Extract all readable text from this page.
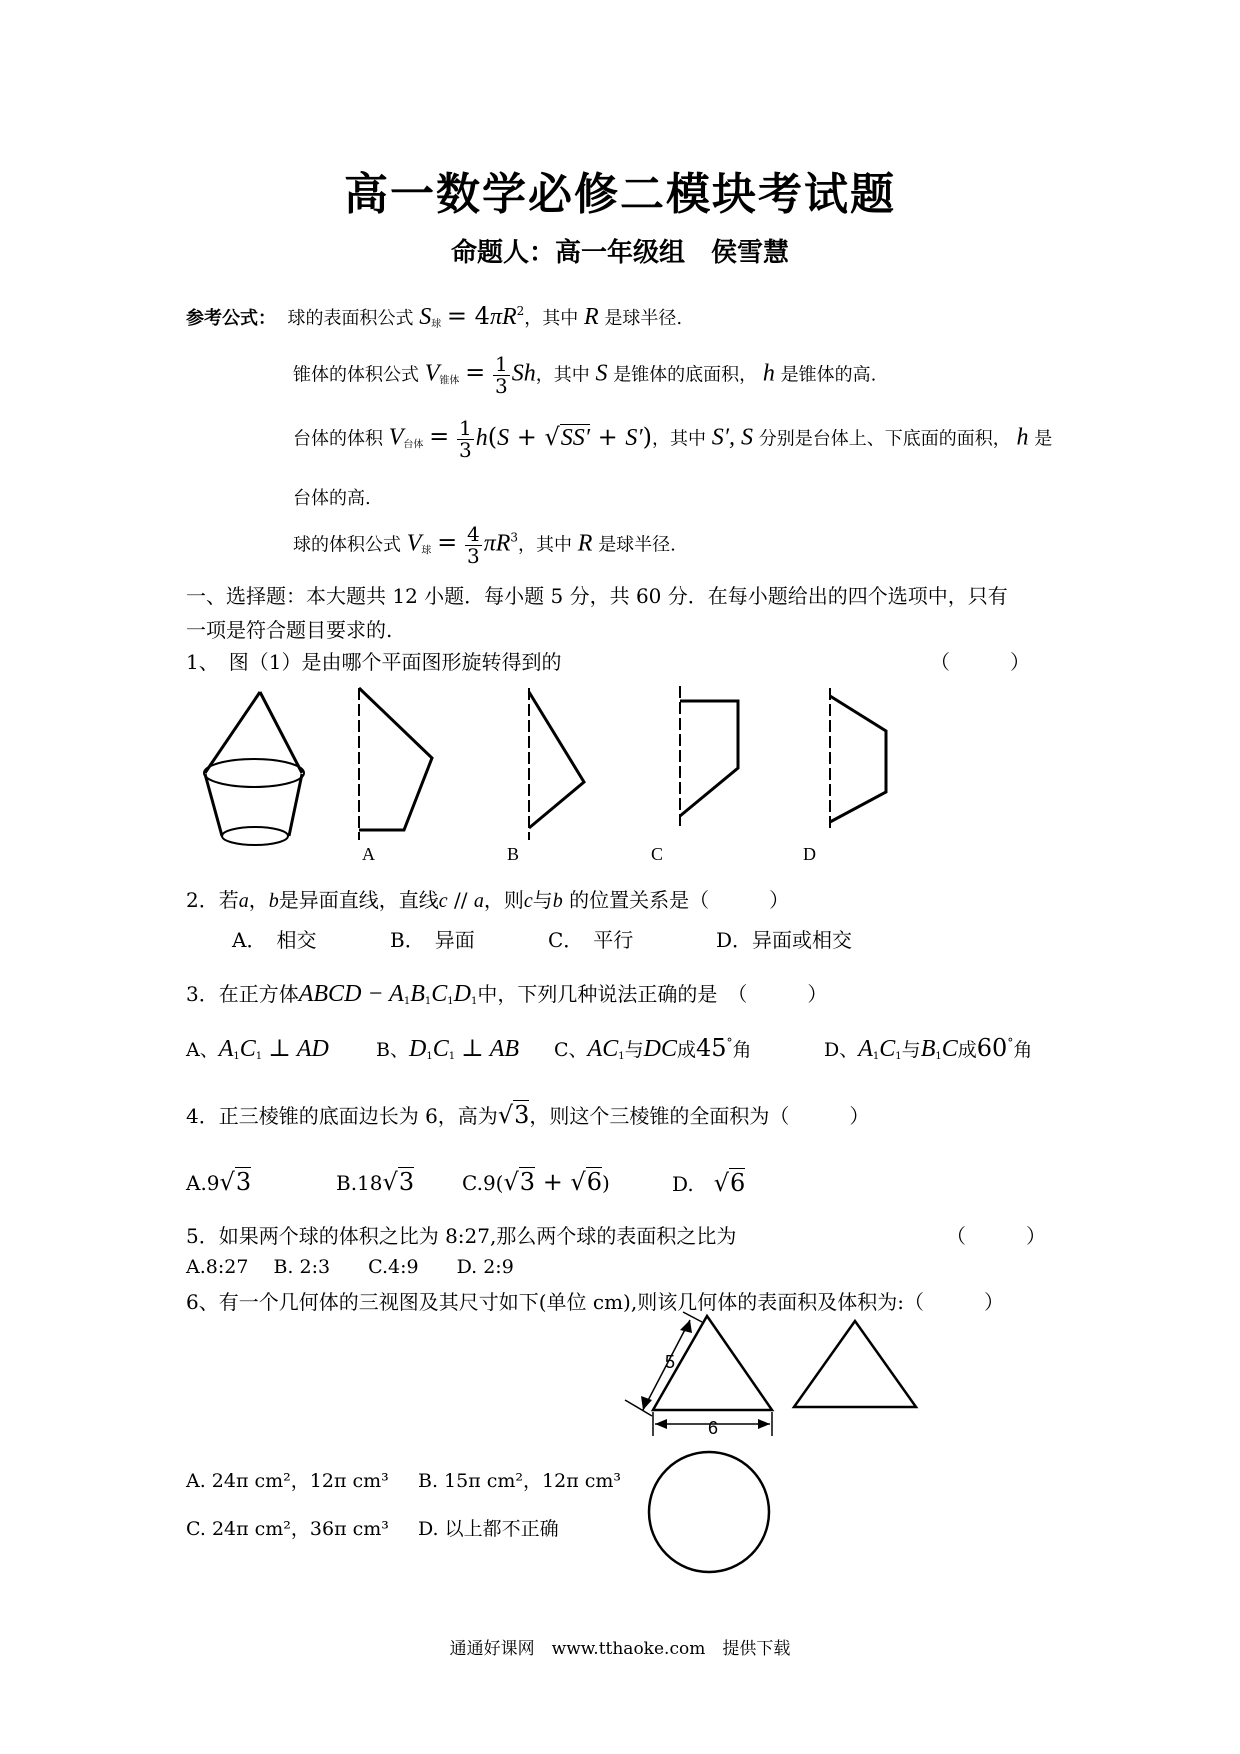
高一数学必修二模块考试题
命题人：高一年级组　侯雪慧
参考公式： 球的表面积公式 $S_球 = 4\pi R^2$，其中 R 是球半径.
锥体的体积公式 $V_{锥体} = \frac{1}{3}$ Sh，其中 S 是锥体的底面积， h 是锥体的高.
台体的体积 $V_{台体} = \frac{1}{3} h(S + √SS' + S')$，其中 S′, S 分别是台体上、下底面的面积， h 是
台体的高.
球的体积公式 $V_球 = \frac{4}{3} \pi R^3$，其中 R 是球半径.
一、选择题：本大题共 12 小题．每小题 5 分，共 60 分．在每小题给出的四个选项中，只有
一项是符合题目要求的.
1、　图（1）是由哪个平面图形旋转得到的	（　　　）
A	B	C	D
2．若a，b是异面直线，直线c // a，则c与b 的位置关系是（　　　）
A．　相交	B．　异面	C．　平行	D．异面或相交
3．在正方体ABCD − $A_1B_1C_1D_1$中，下列几种说法正确的是　（　　　）
A、$A_1C_1$ ⊥ AD B、$D_1C_1$ ⊥ AB C、$AC_1$与DC成45°角	D、$A_1C_1$与$B_1C$成60°角
4．正三棱锥的底面边长为 6，高为√3，则这个三棱锥的全面积为（　　　）
A.9√3	B.18√3 C.9(√3 + √6)	D.　√6
5．如果两个球的体积之比为 8:27,那么两个球的表面积之比为	（　　　）
A.8:27　 B. 2:3　　C.4:9　　D. 2:9
6、有一个几何体的三视图及其尺寸如下(单位 cm),则该几何体的表面积及体积为:（　　　）
5
6
A. 24π cm²，12π cm³ B. 15π cm²，12π cm³
C. 24π cm²，36π cm³ D. 以上都不正确
通通好课网　www.tthaoke.com　提供下载
